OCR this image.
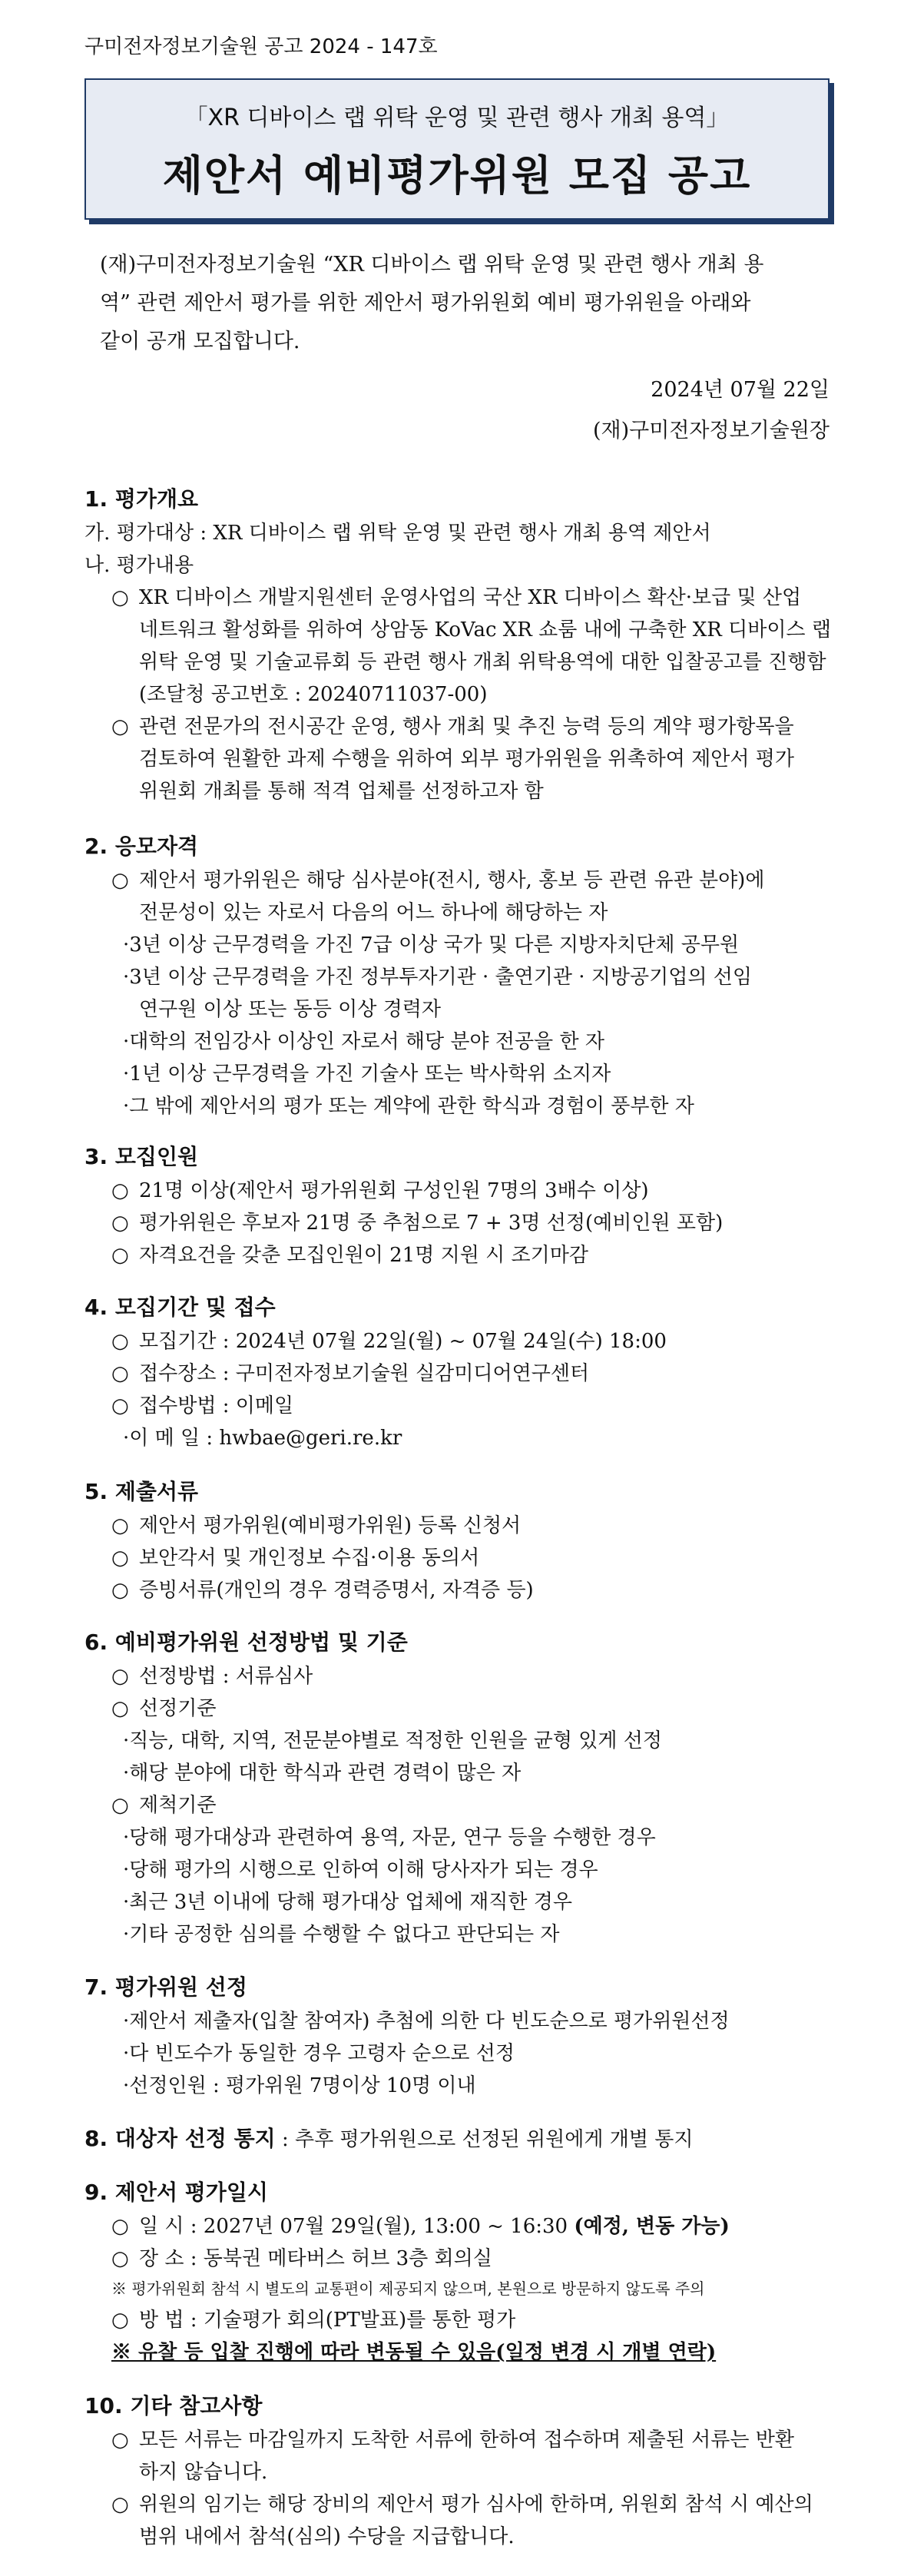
구미전자정보기술원 공고 2024 - 147호
「XR 디바이스 랩 위탁 운영 및 관련 행사 개최 용역」
제안서 예비평가위원 모집 공고
(재)구미전자정보기술원 “XR 디바이스 랩 위탁 운영 및 관련 행사 개최 용
역” 관련 제안서 평가를 위한 제안서 평가위원회 예비 평가위원을 아래와
같이 공개 모집합니다.
2024년 07월 22일
(재)구미전자정보기술원장
1. 평가개요
가. 평가대상 : XR 디바이스 랩 위탁 운영 및 관련 행사 개최 용역 제안서
나. 평가내용
○ XR 디바이스 개발지원센터 운영사업의 국산 XR 디바이스 확산·보급 및 산업
네트워크 활성화를 위하여 상암동 KoVac XR 쇼룸 내에 구축한 XR 디바이스 랩
위탁 운영 및 기술교류회 등 관련 행사 개최 위탁용역에 대한 입찰공고를 진행함
(조달청 공고번호 : 20240711037-00)
○ 관련 전문가의 전시공간 운영, 행사 개최 및 추진 능력 등의 계약 평가항목을
검토하여 원활한 과제 수행을 위하여 외부 평가위원을 위촉하여 제안서 평가
위원회 개최를 통해 적격 업체를 선정하고자 함
2. 응모자격
○ 제안서 평가위원은 해당 심사분야(전시, 행사, 홍보 등 관련 유관 분야)에
전문성이 있는 자로서 다음의 어느 하나에 해당하는 자
·3년 이상 근무경력을 가진 7급 이상 국가 및 다른 지방자치단체 공무원
·3년 이상 근무경력을 가진 정부투자기관 · 출연기관 · 지방공기업의 선임
연구원 이상 또는 동등 이상 경력자
·대학의 전임강사 이상인 자로서 해당 분야 전공을 한 자
·1년 이상 근무경력을 가진 기술사 또는 박사학위 소지자
·그 밖에 제안서의 평가 또는 계약에 관한 학식과 경험이 풍부한 자
3. 모집인원
○ 21명 이상(제안서 평가위원회 구성인원 7명의 3배수 이상)
○ 평가위원은 후보자 21명 중 추첨으로 7 + 3명 선정(예비인원 포함)
○ 자격요건을 갖춘 모집인원이 21명 지원 시 조기마감
4. 모집기간 및 접수
○ 모집기간 : 2024년 07월 22일(월) ~ 07월 24일(수) 18:00
○ 접수장소 : 구미전자정보기술원 실감미디어연구센터
○ 접수방법 : 이메일
·이 메 일 : hwbae@geri.re.kr
5. 제출서류
○ 제안서 평가위원(예비평가위원) 등록 신청서
○ 보안각서 및 개인정보 수집·이용 동의서
○ 증빙서류(개인의 경우 경력증명서, 자격증 등)
6. 예비평가위원 선정방법 및 기준
○ 선정방법 : 서류심사
○ 선정기준
·직능, 대학, 지역, 전문분야별로 적정한 인원을 균형 있게 선정
·해당 분야에 대한 학식과 관련 경력이 많은 자
○ 제척기준
·당해 평가대상과 관련하여 용역, 자문, 연구 등을 수행한 경우
·당해 평가의 시행으로 인하여 이해 당사자가 되는 경우
·최근 3년 이내에 당해 평가대상 업체에 재직한 경우
·기타 공정한 심의를 수행할 수 없다고 판단되는 자
7. 평가위원 선정
·제안서 제출자(입찰 참여자) 추첨에 의한 다 빈도순으로 평가위원선정
·다 빈도수가 동일한 경우 고령자 순으로 선정
·선정인원 : 평가위원 7명이상 10명 이내
8. 대상자 선정 통지 : 추후 평가위원으로 선정된 위원에게 개별 통지
9. 제안서 평가일시
○ 일 시 : 2027년 07월 29일(월), 13:00 ~ 16:30 (예정, 변동 가능)
○ 장 소 : 동북권 메타버스 허브 3층 회의실
※ 평가위원회 참석 시 별도의 교통편이 제공되지 않으며, 본원으로 방문하지 않도록 주의
○ 방 법 : 기술평가 회의(PT발표)를 통한 평가
※ 유찰 등 입찰 진행에 따라 변동될 수 있음(일정 변경 시 개별 연락)
10. 기타 참고사항
○ 모든 서류는 마감일까지 도착한 서류에 한하여 접수하며 제출된 서류는 반환
하지 않습니다.
○ 위원의 임기는 해당 장비의 제안서 평가 심사에 한하며, 위원회 참석 시 예산의
범위 내에서 참석(심의) 수당을 지급합니다.
